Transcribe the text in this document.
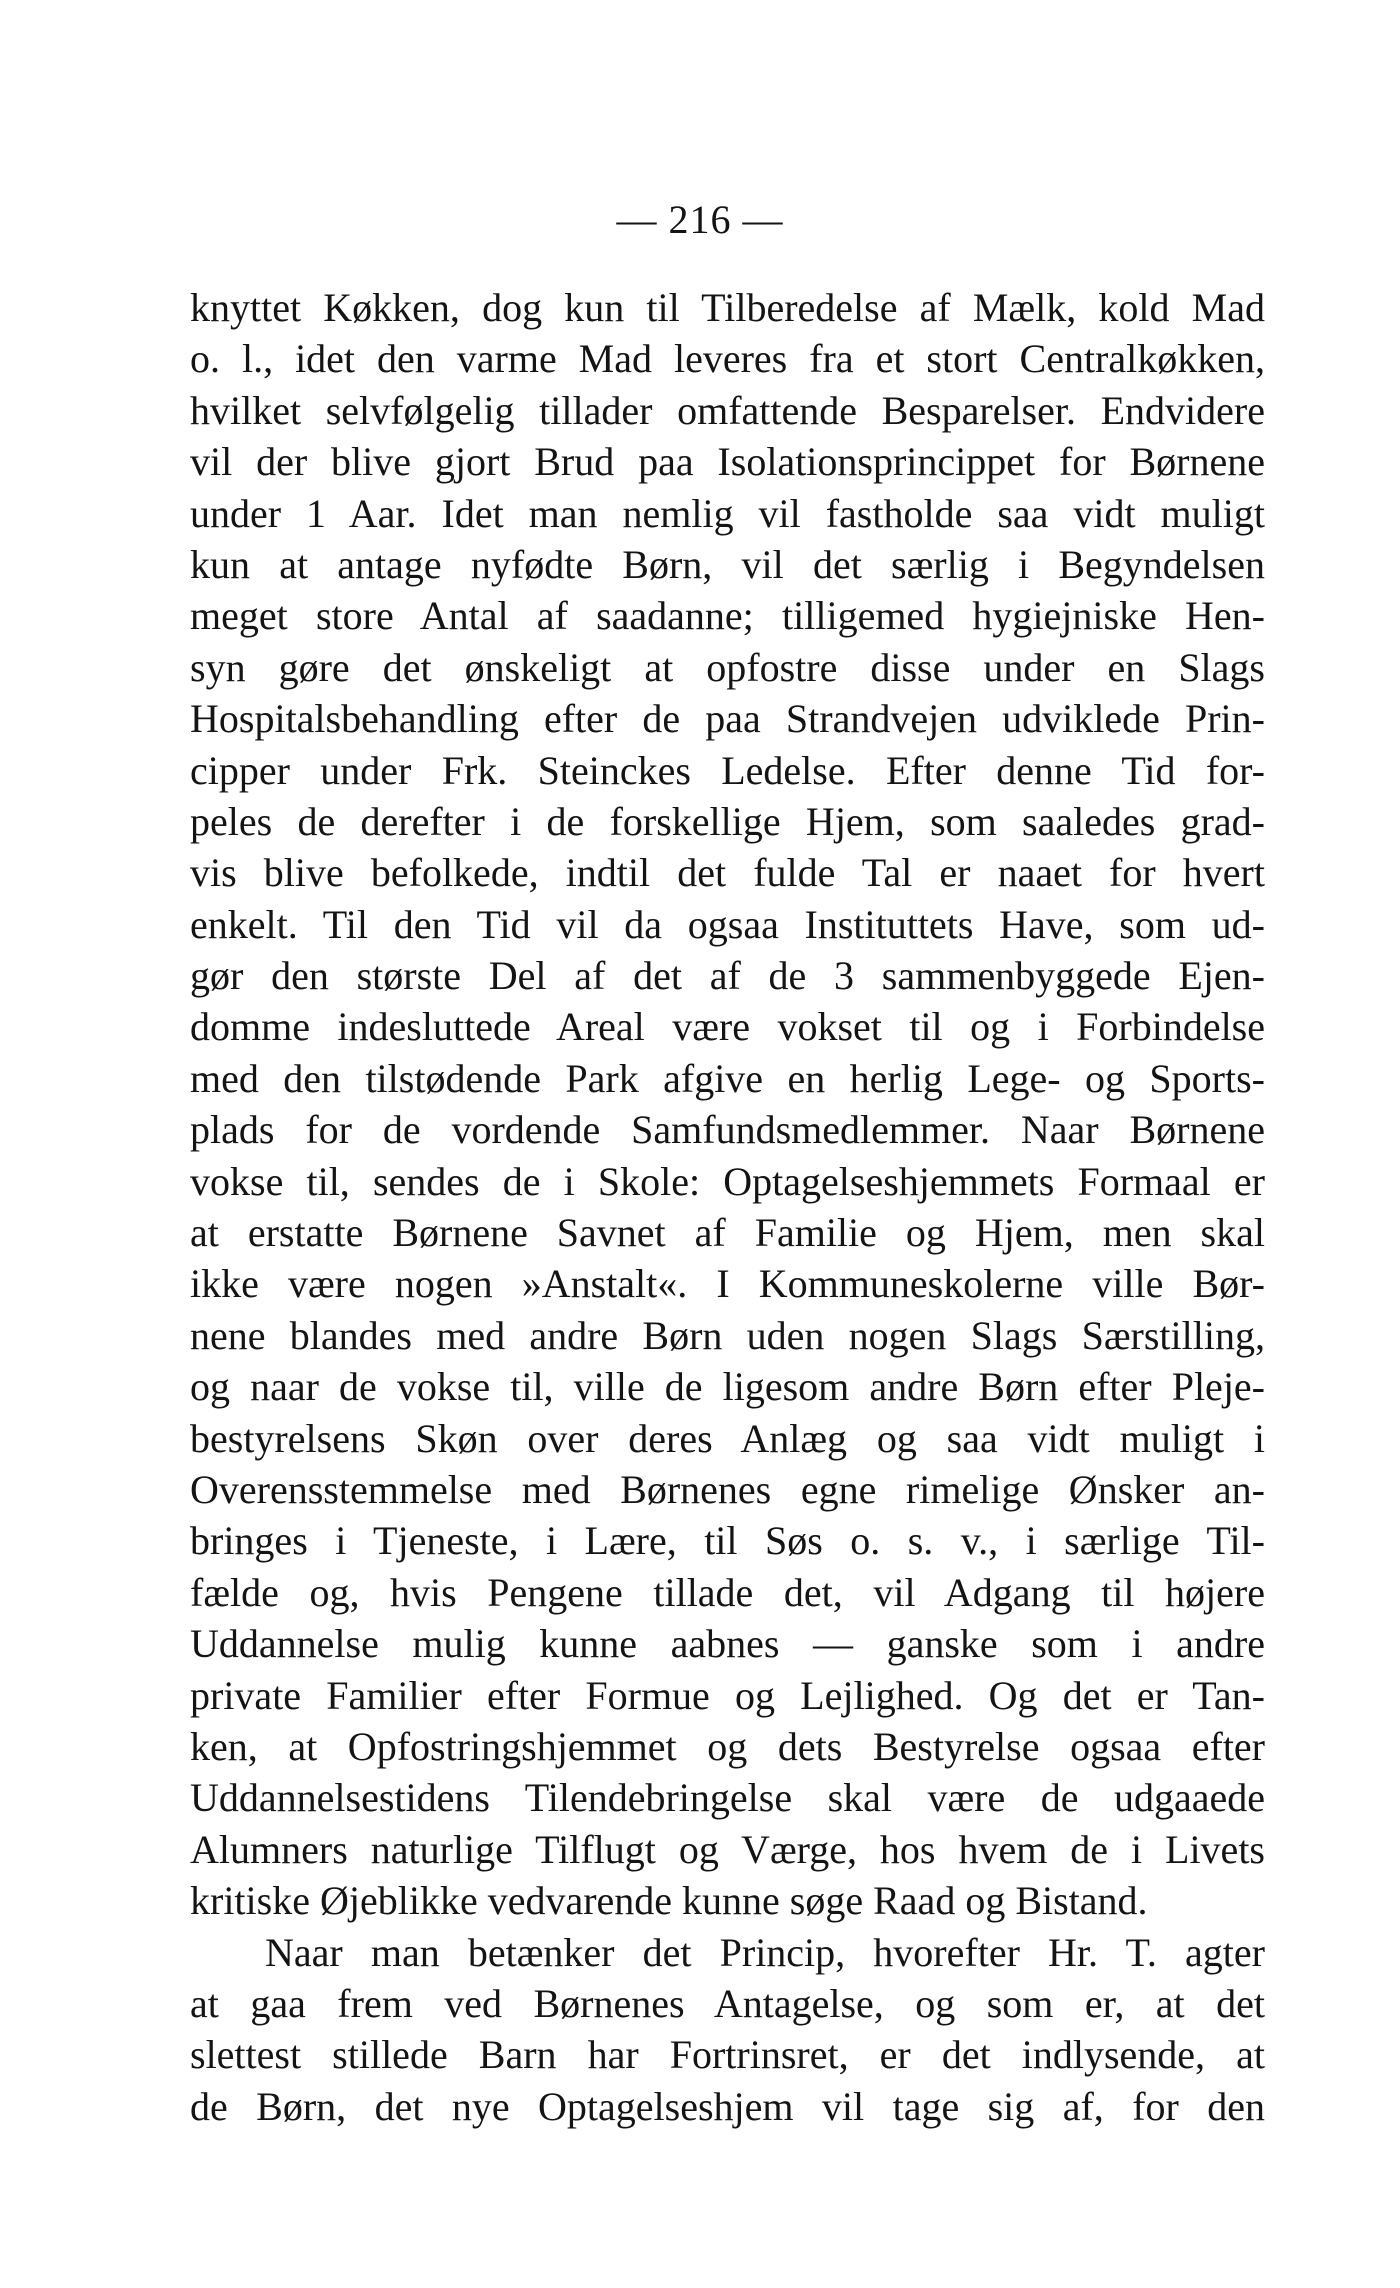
— 216 —
knyttet Køkken, dog kun til Tilberedelse af Mælk, kold Mad
o. l., idet den varme Mad leveres fra et stort Centralkøkken,
hvilket selvfølgelig tillader omfattende Besparelser. Endvidere
vil der blive gjort Brud paa Isolationsprincippet for Børnene
under 1 Aar. Idet man nemlig vil fastholde saa vidt muligt
kun at antage nyfødte Børn, vil det særlig i Begyndelsen
meget store Antal af saadanne; tilligemed hygiejniske Hen-
syn gøre det ønskeligt at opfostre disse under en Slags
Hospitalsbehandling efter de paa Strandvejen udviklede Prin-
cipper under Frk. Steinckes Ledelse. Efter denne Tid for-
peles de derefter i de forskellige Hjem, som saaledes grad-
vis blive befolkede, indtil det fulde Tal er naaet for hvert
enkelt. Til den Tid vil da ogsaa Instituttets Have, som ud-
gør den største Del af det af de 3 sammenbyggede Ejen-
domme indesluttede Areal være vokset til og i Forbindelse
med den tilstødende Park afgive en herlig Lege- og Sports-
plads for de vordende Samfundsmedlemmer. Naar Børnene
vokse til, sendes de i Skole: Optagelseshjemmets Formaal er
at erstatte Børnene Savnet af Familie og Hjem, men skal
ikke være nogen »Anstalt«. I Kommuneskolerne ville Bør-
nene blandes med andre Børn uden nogen Slags Særstilling,
og naar de vokse til, ville de ligesom andre Børn efter Pleje-
bestyrelsens Skøn over deres Anlæg og saa vidt muligt i
Overensstemmelse med Børnenes egne rimelige Ønsker an-
bringes i Tjeneste, i Lære, til Søs o. s. v., i særlige Til-
fælde og, hvis Pengene tillade det, vil Adgang til højere
Uddannelse mulig kunne aabnes — ganske som i andre
private Familier efter Formue og Lejlighed. Og det er Tan-
ken, at Opfostringshjemmet og dets Bestyrelse ogsaa efter
Uddannelsestidens Tilendebringelse skal være de udgaaede
Alumners naturlige Tilflugt og Værge, hos hvem de i Livets
kritiske Øjeblikke vedvarende kunne søge Raad og Bistand.
Naar man betænker det Princip, hvorefter Hr. T. agter
at gaa frem ved Børnenes Antagelse, og som er, at det
slettest stillede Barn har Fortrinsret, er det indlysende, at
de Børn, det nye Optagelseshjem vil tage sig af, for den
